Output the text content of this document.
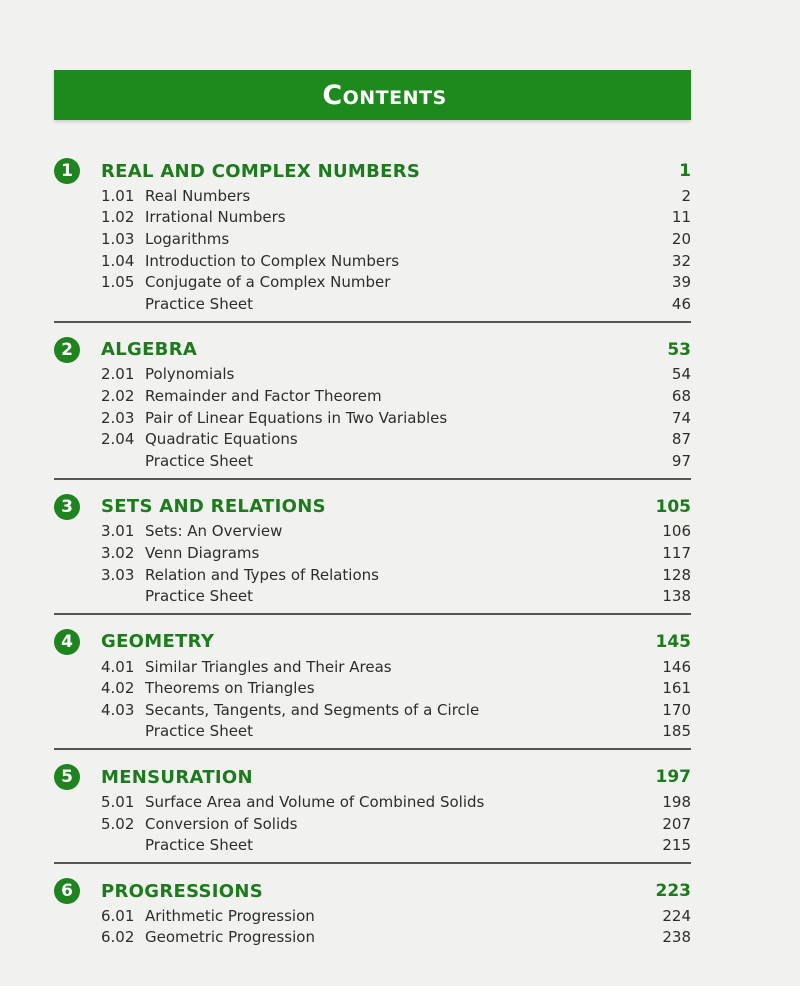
Contents
1	REAL AND COMPLEX NUMBERS	1
1.01 Real Numbers	2
1.02 Irrational Numbers	11
1.03 Logarithms	20
1.04 Introduction to Complex Numbers	32
1.05 Conjugate of a Complex Number	39
Practice Sheet	46
2	ALGEBRA	53
2.01 Polynomials	54
2.02 Remainder and Factor Theorem	68
2.03 Pair of Linear Equations in Two Variables	74
2.04 Quadratic Equations	87
Practice Sheet	97
3	SETS AND RELATIONS	105
3.01 Sets: An Overview	106
3.02 Venn Diagrams	117
3.03 Relation and Types of Relations	128
Practice Sheet	138
4	GEOMETRY	145
4.01 Similar Triangles and Their Areas	146
4.02 Theorems on Triangles	161
4.03 Secants, Tangents, and Segments of a Circle	170
Practice Sheet	185
5	MENSURATION	197
5.01 Surface Area and Volume of Combined Solids	198
5.02 Conversion of Solids	207
Practice Sheet	215
6	PROGRESSIONS	223
6.01 Arithmetic Progression	224
6.02 Geometric Progression	238
